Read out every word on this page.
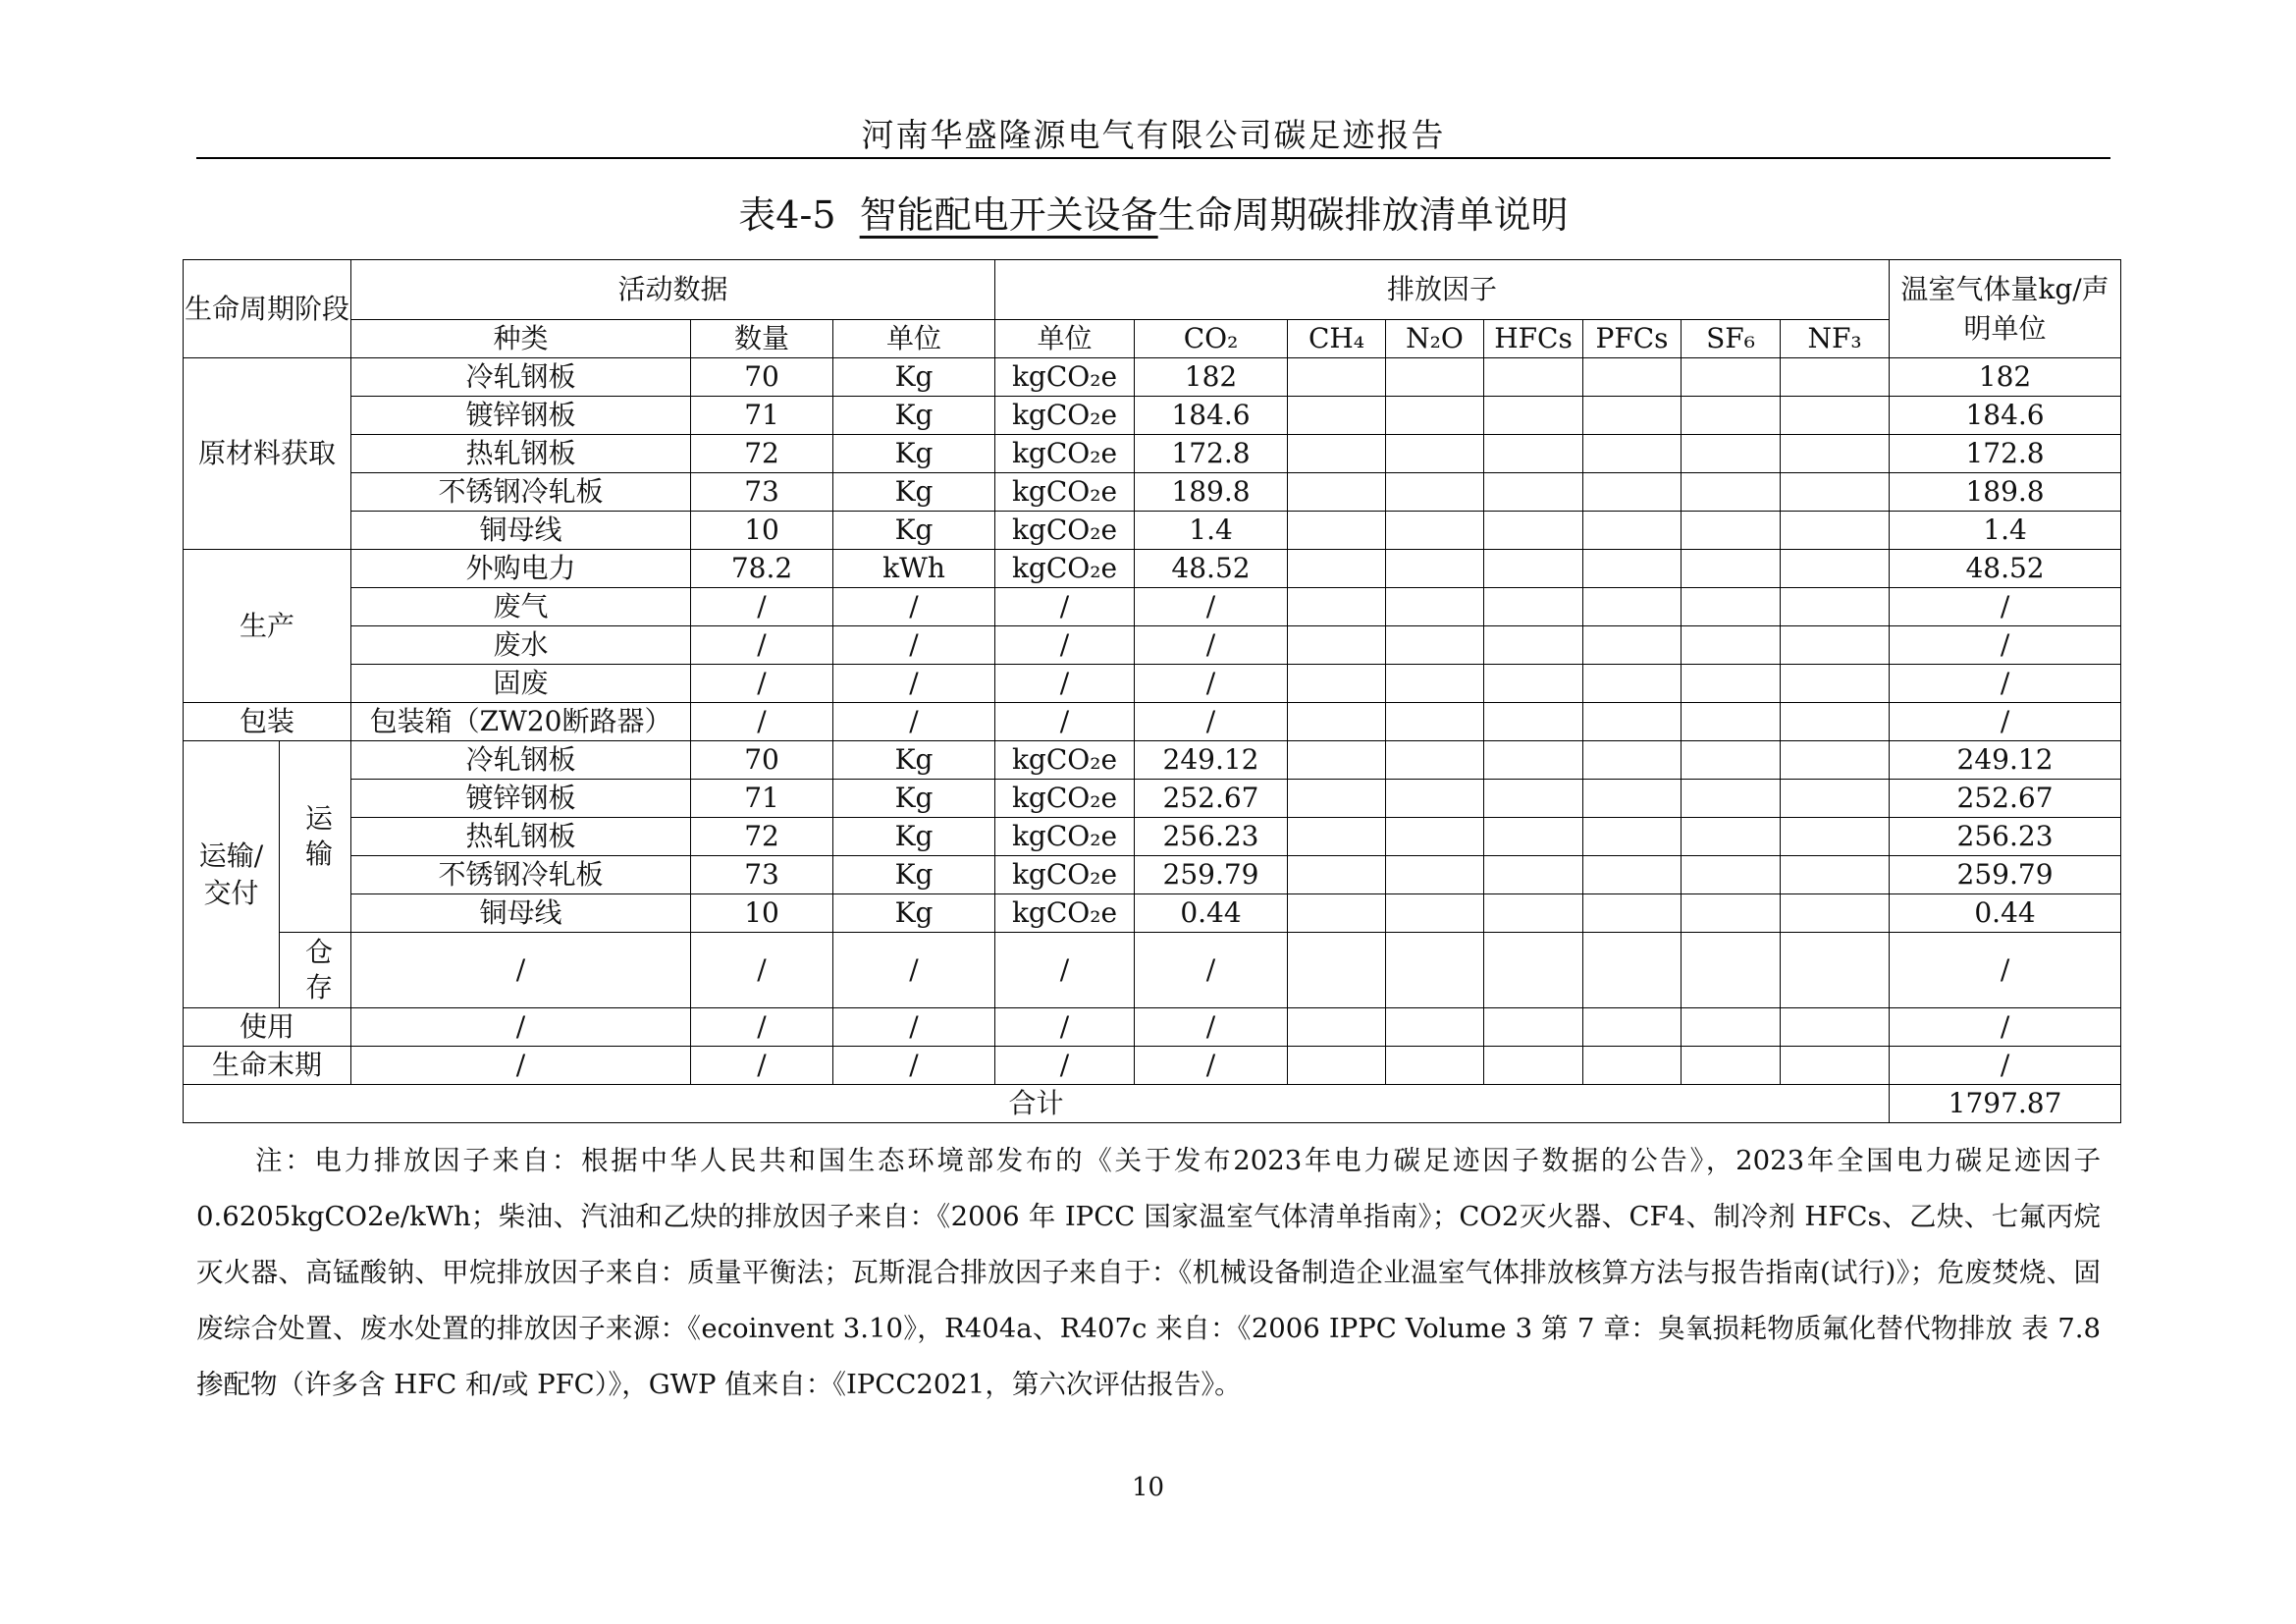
河南华盛隆源电气有限公司碳足迹报告
表4-5  智能配电开关设备生命周期碳排放清单说明
生命周期阶段		活动数据			排放因子								温室气体量kg/声明单位
		种类	数量	单位	单位	CO₂	CH₄	N₂O	HFCs	PFCs	SF₆	NF₃	
原材料获取		冷轧钢板	70	Kg	kgCO₂e	182							182
		镀锌钢板	71	Kg	kgCO₂e	184.6							184.6
		热轧钢板	72	Kg	kgCO₂e	172.8							172.8
		不锈钢冷轧板	73	Kg	kgCO₂e	189.8							189.8
		铜母线	10	Kg	kgCO₂e	1.4							1.4
生产		外购电力	78.2	kWh	kgCO₂e	48.52							48.52
		废气	/	/	/	/							/
		废水	/	/	/	/							/
		固废	/	/	/	/							/
包装		包装箱（ZW20断路器）	/	/	/	/							/
运输/交付	运输	冷轧钢板	70	Kg	kgCO₂e	249.12							249.12
		镀锌钢板	71	Kg	kgCO₂e	252.67							252.67
		热轧钢板	72	Kg	kgCO₂e	256.23							256.23
		不锈钢冷轧板	73	Kg	kgCO₂e	259.79							259.79
		铜母线	10	Kg	kgCO₂e	0.44							0.44
	仓存	/	/	/	/	/							/
使用		/	/	/	/	/							/
生命末期		/	/	/	/	/							/
合计													1797.87
注：电力排放因子来自：根据中华人民共和国生态环境部发布的《关于发布2023年电力碳足迹因子数据的公告》，2023年全国电力碳足迹因子0.6205kgCO2e/kWh；柴油、汽油和乙炔的排放因子来自：《2006 年 IPCC 国家温室气体清单指南》；CO2灭火器、CF4、制冷剂 HFCs、乙炔、七氟丙烷灭火器、高锰酸钠、甲烷排放因子来自：质量平衡法；瓦斯混合排放因子来自于：《机械设备制造企业温室气体排放核算方法与报告指南(试行)》；危废焚烧、固废综合处置、废水处置的排放因子来源：《ecoinvent 3.10》，R404a、R407c 来自：《2006 IPPC Volume 3 第 7 章：臭氧损耗物质氟化替代物排放 表 7.8 掺配物（许多含 HFC 和/或 PFC）》，GWP 值来自：《IPCC2021，第六次评估报告》。
10
